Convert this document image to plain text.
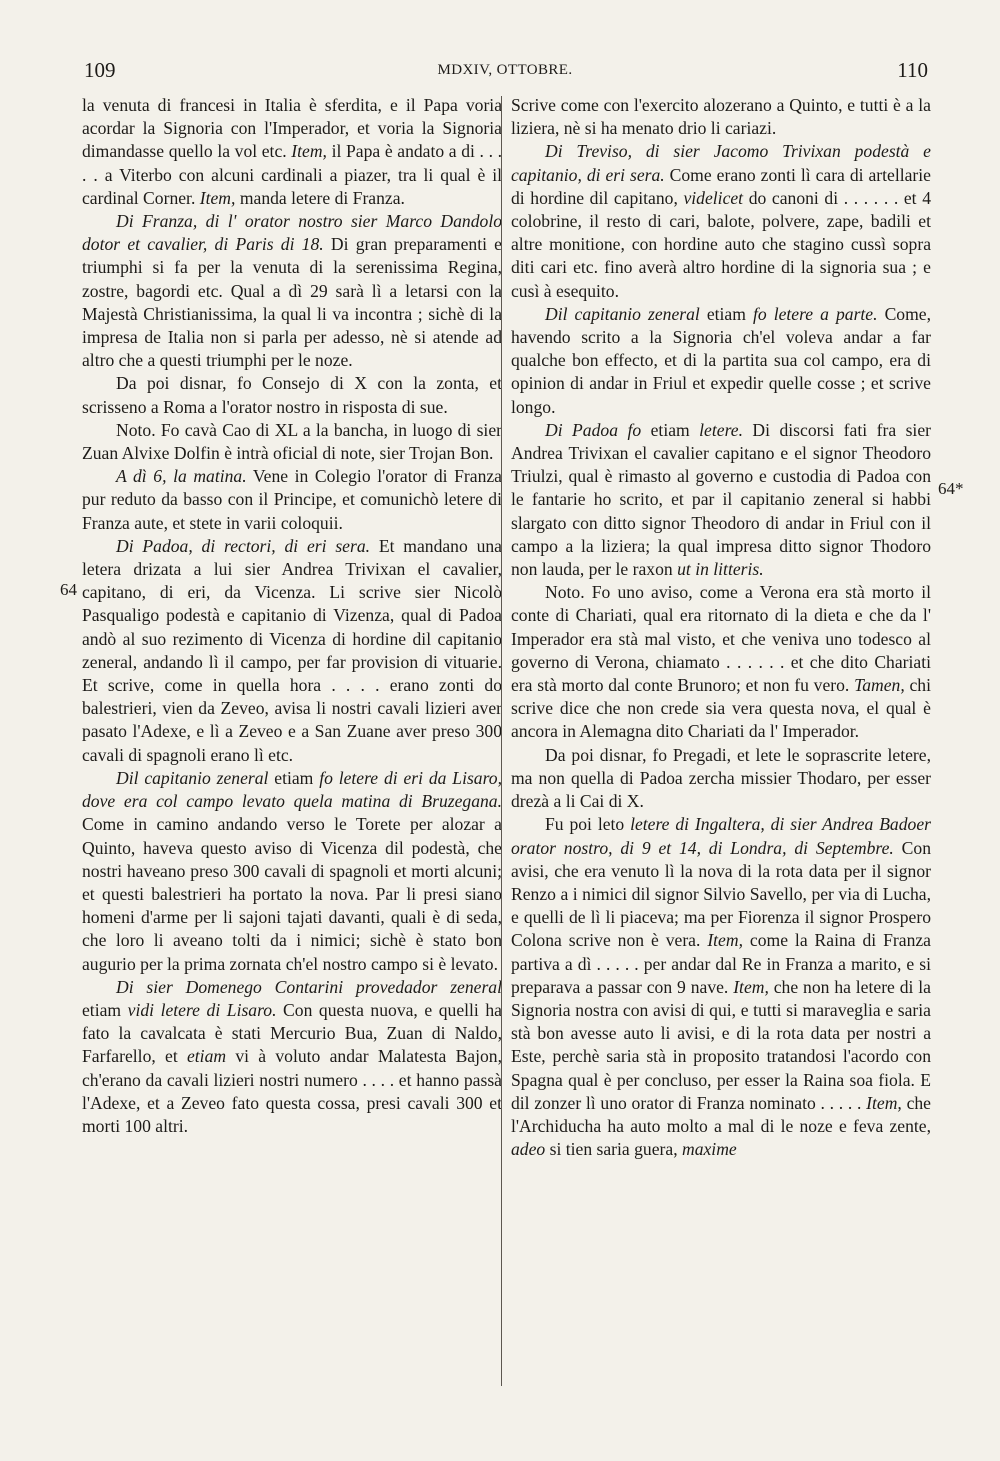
109	MDXIV, OTTOBRE.	110

la venuta di francesi in Italia è sferdita, e il Papa voria acordar la Signoria con l'Imperador, et voria la Signoria dimandasse quello la vol etc. Item, il Papa è andato a di . . . . . a Viterbo con alcuni cardinali a piazer, tra li qual è il cardinal Corner. Item, manda letere di Franza.

Di Franza, di l' orator nostro sier Marco Dandolo dotor et cavalier, di Paris di 18. Di gran preparamenti e triumphi si fa per la venuta di la serenissima Regina, zostre, bagordi etc. Qual a dì 29 sarà lì a letarsi con la Majestà Christianissima, la qual li va incontra ; sichè di la impresa de Italia non si parla per adesso, nè si atende ad altro che a questi triumphi per le noze.

Da poi disnar, fo Consejo di X con la zonta, et scrisseno a Roma a l'orator nostro in risposta di sue.

Noto. Fo cavà Cao di XL a la bancha, in luogo di sier Zuan Alvixe Dolfin è intrà oficial di note, sier Trojan Bon.

A dì 6, la matina. Vene in Colegio l'orator di Franza pur reduto da basso con il Principe, et comunichò letere di Franza aute, et stete in varii coloquii.

Di Padoa, di rectori, di eri sera. Et mandano una letera drizata a lui sier Andrea Trivixan el cavalier, capitano, di eri, da Vicenza. Li scrive sier Nicolò Pasqualigo podestà e capitanio di Vizenza, qual di Padoa andò al suo rezimento di Vicenza di hordine dil capitanio zeneral, andando lì il campo, per far provision di vituarie. Et scrive, come in quella hora . . . . erano zonti do balestrieri, vien da Zeveo, avisa li nostri cavali lizieri aver pasato l'Adexe, e lì a Zeveo e a San Zuane aver preso 300 cavali di spagnoli erano lì etc.

Dil capitanio zeneral etiam fo letere di eri da Lisaro, dove era col campo levato quela matina di Bruzegana. Come in camino andando verso le Torete per alozar a Quinto, haveva questo aviso di Vicenza dil podestà, che nostri haveano preso 300 cavali di spagnoli et morti alcuni; et questi balestrieri ha portato la nova. Par li presi siano homeni d'arme per li sajoni tajati davanti, quali è di seda, che loro li aveano tolti da i nimici; sichè è stato bon augurio per la prima zornata ch'el nostro campo si è levato.

Di sier Domenego Contarini provedador zeneral etiam vidi letere di Lisaro. Con questa nuova, e quelli ha fato la cavalcata è stati Mercurio Bua, Zuan di Naldo, Farfarello, et etiam vi à voluto andar Malatesta Bajon, ch'erano da cavali lizieri nostri numero . . . . et hanno passà l'Adexe, et a Zeveo fato questa cossa, presi cavali 300 et morti 100 altri.

Scrive come con l'exercito alozerano a Quinto, e tutti è a la liziera, nè si ha menato drio li cariazi.

Di Treviso, di sier Jacomo Trivixan podestà e capitanio, di eri sera. Come erano zonti lì cara di artellarie di hordine dil capitano, videlicet do canoni di . . . . . . et 4 colobrine, il resto di cari, balote, polvere, zape, badili et altre monitione, con hordine auto che stagino cussì sopra diti cari etc. fino averà altro hordine di la signoria sua ; e cusì à esequito.

Dil capitanio zeneral etiam fo letere a parte. Come, havendo scrito a la Signoria ch'el voleva andar a far qualche bon effecto, et di la partita sua col campo, era di opinion di andar in Friul et expedir quelle cosse ; et scrive longo.

Di Padoa fo etiam letere. Di discorsi fati fra sier Andrea Trivixan el cavalier capitano e el signor Theodoro Triulzi, qual è rimasto al governo e custodia di Padoa con le fantarie ho scrito, et par il capitanio zeneral si habbi slargato con ditto signor Theodoro di andar in Friul con il campo a la liziera; la qual impresa ditto signor Thodoro non lauda, per le raxon ut in litteris.

Noto. Fo uno aviso, come a Verona era stà morto il conte di Chariati, qual era ritornato di la dieta e che da l' Imperador era stà mal visto, et che veniva uno todesco al governo di Verona, chiamato . . . . . . et che dito Chariati era stà morto dal conte Brunoro; et non fu vero. Tamen, chi scrive dice che non crede sia vera questa nova, el qual è ancora in Alemagna dito Chariati da l' Imperador.

Da poi disnar, fo Pregadi, et lete le soprascrite letere, ma non quella di Padoa zercha missier Thodaro, per esser drezà a li Cai di X.

Fu poi leto letere di Ingaltera, di sier Andrea Badoer orator nostro, di 9 et 14, di Londra, di Septembre. Con avisi, che era venuto lì la nova di la rota data per il signor Renzo a i nimici dil signor Silvio Savello, per via di Lucha, e quelli de lì li piaceva; ma per Fiorenza il signor Prospero Colona scrive non è vera. Item, come la Raina di Franza partiva a dì . . . . . per andar dal Re in Franza a marito, e si preparava a passar con 9 nave. Item, che non ha letere di la Signoria nostra con avisi di qui, e tutti si maraveglia e saria stà bon avesse auto li avisi, e di la rota data per nostri a Este, perchè saria stà in proposito tratandosi l'acordo con Spagna qual è per concluso, per esser la Raina soa fiola. E dil zonzer lì uno orator di Franza nominato . . . . . Item, che l'Archiducha ha auto molto a mal di le noze e feva zente, adeo si tien saria guera, maxime

64
64*
